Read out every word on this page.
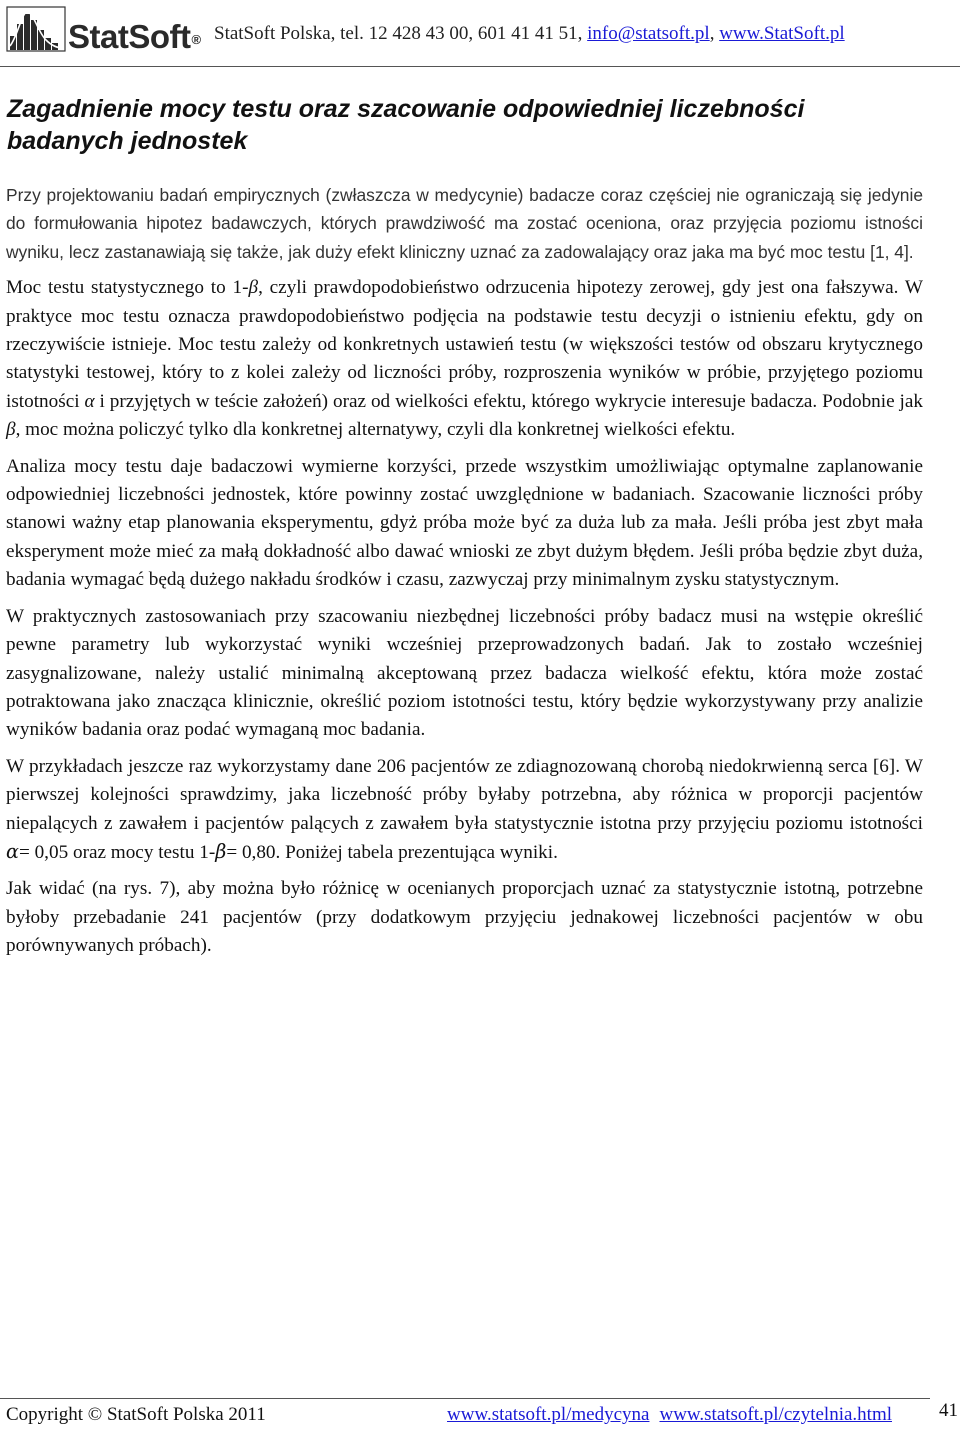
StatSoft® StatSoft Polska, tel. 12 428 43 00, 601 41 41 51, info@statsoft.pl, www.StatSoft.pl
Zagadnienie mocy testu oraz szacowanie odpowiedniej liczebności badanych jednostek

Przy projektowaniu badań empirycznych (zwłaszcza w medycynie) badacze coraz częściej nie ograniczają się jedynie do formułowania hipotez badawczych, których prawdziwość ma zostać oceniona, oraz przyjęcia poziomu istności wyniku, lecz zastanawiają się także, jak duży efekt kliniczny uznać za zadowalający oraz jaka ma być moc testu [1, 4].

Moc testu statystycznego to 1-β, czyli prawdopodobieństwo odrzucenia hipotezy zerowej, gdy jest ona fałszywa. W praktyce moc testu oznacza prawdopodobieństwo podjęcia na podstawie testu decyzji o istnieniu efektu, gdy on rzeczywiście istnieje. Moc testu zależy od konkretnych ustawień testu (w większości testów od obszaru krytycznego statystyki testowej, który to z kolei zależy od liczności próby, rozproszenia wyników w próbie, przyjętego poziomu istotności α i przyjętych w teście założeń) oraz od wielkości efektu, którego wykrycie interesuje badacza. Podobnie jak β, moc można policzyć tylko dla konkretnej alternatywy, czyli dla konkretnej wielkości efektu.

Analiza mocy testu daje badaczowi wymierne korzyści, przede wszystkim umożliwiając optymalne zaplanowanie odpowiedniej liczebności jednostek, które powinny zostać uwzględnione w badaniach. Szacowanie liczności próby stanowi ważny etap planowania eksperymentu, gdyż próba może być za duża lub za mała. Jeśli próba jest zbyt mała eksperyment może mieć za małą dokładność albo dawać wnioski ze zbyt dużym błędem. Jeśli próba będzie zbyt duża, badania wymagać będą dużego nakładu środków i czasu, zazwyczaj przy minimalnym zysku statystycznym.

W praktycznych zastosowaniach przy szacowaniu niezbędnej liczebności próby badacz musi na wstępie określić pewne parametry lub wykorzystać wyniki wcześniej przeprowadzonych badań. Jak to zostało wcześniej zasygnalizowane, należy ustalić minimalną akceptowaną przez badacza wielkość efektu, która może zostać potraktowana jako znacząca klinicznie, określić poziom istotności testu, który będzie wykorzystywany przy analizie wyników badania oraz podać wymaganą moc badania.

W przykładach jeszcze raz wykorzystamy dane 206 pacjentów ze zdiagnozowaną chorobą niedokrwienną serca [6]. W pierwszej kolejności sprawdzimy, jaka liczebność próby byłaby potrzebna, aby różnica w proporcji pacjentów niepalących z zawałem i pacjentów palących z zawałem była statystycznie istotna przy przyjęciu poziomu istotności α= 0,05 oraz mocy testu 1-β= 0,80. Poniżej tabela prezentująca wyniki.

Jak widać (na rys. 7), aby można było różnicę w ocenianych proporcjach uznać za statystycznie istotną, potrzebne byłoby przebadanie 241 pacjentów (przy dodatkowym przyjęciu jednakowej liczebności pacjentów w obu porównywanych próbach).

Copyright © StatSoft Polska 2011	www.statsoft.pl/medycyna www.statsoft.pl/czytelnia.html 41
